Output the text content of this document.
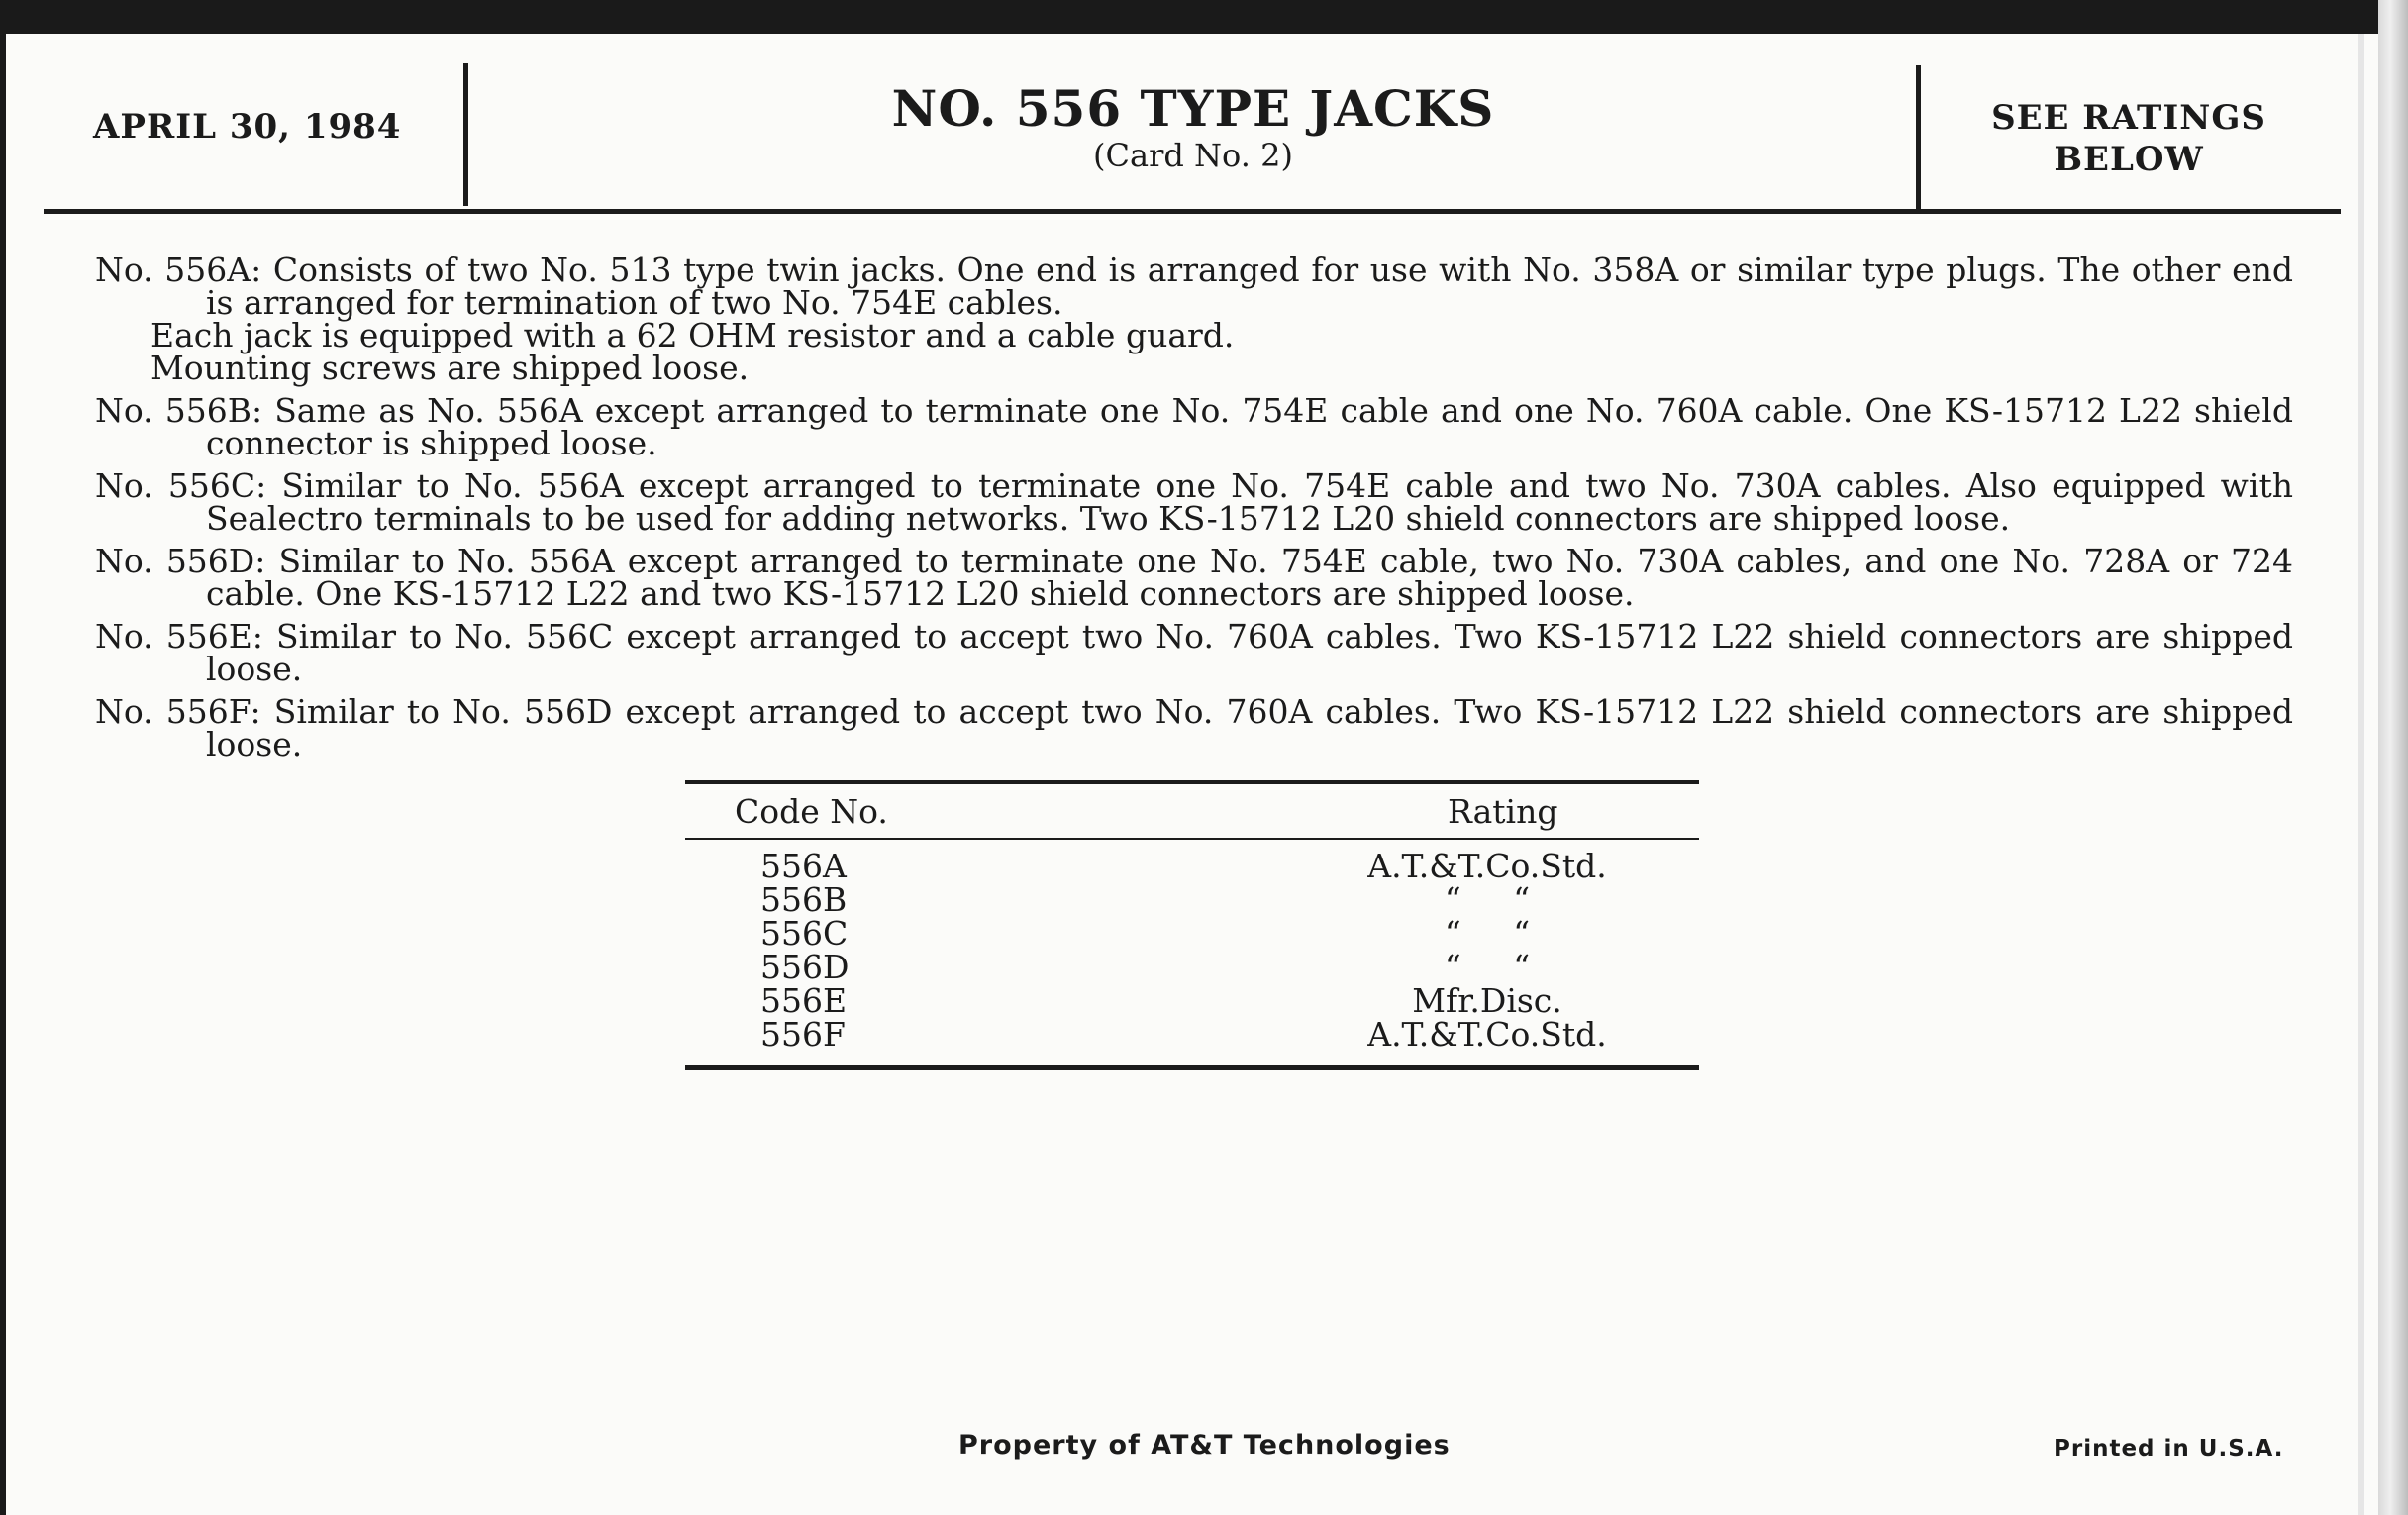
APRIL 30, 1984	NO. 556 TYPE JACKS
(Card No. 2)
SEE RATINGS
BELOW

No. 556A: Consists of two No. 513 type twin jacks. One end is arranged for use with No. 358A or similar type plugs. The other end is arranged for termination of two No. 754E cables.

Each jack is equipped with a 62 OHM resistor and a cable guard.

Mounting screws are shipped loose.

No. 556B: Same as No. 556A except arranged to terminate one No. 754E cable and one No. 760A cable. One KS-15712 L22 shield connector is shipped loose.

No. 556C: Similar to No. 556A except arranged to terminate one No. 754E cable and two No. 730A cables. Also equipped with Sealectro terminals to be used for adding networks. Two KS-15712 L20 shield connectors are shipped loose.

No. 556D: Similar to No. 556A except arranged to terminate one No. 754E cable, two No. 730A cables, and one No. 728A or 724 cable. One KS-15712 L22 and two KS-15712 L20 shield connectors are shipped loose.

No. 556E: Similar to No. 556C except arranged to accept two No. 760A cables. Two KS-15712 L22 shield connectors are shipped loose.

No. 556F: Similar to No. 556D except arranged to accept two No. 760A cables. Two KS-15712 L22 shield connectors are shipped loose.

Code No.	Rating
556A	A.T.&T.Co.Std.
556B	“     “
556C	“     “
556D	“     “
556E	Mfr.Disc.
556F	A.T.&T.Co.Std.
Property of AT&T Technologies	Printed in U.S.A.
